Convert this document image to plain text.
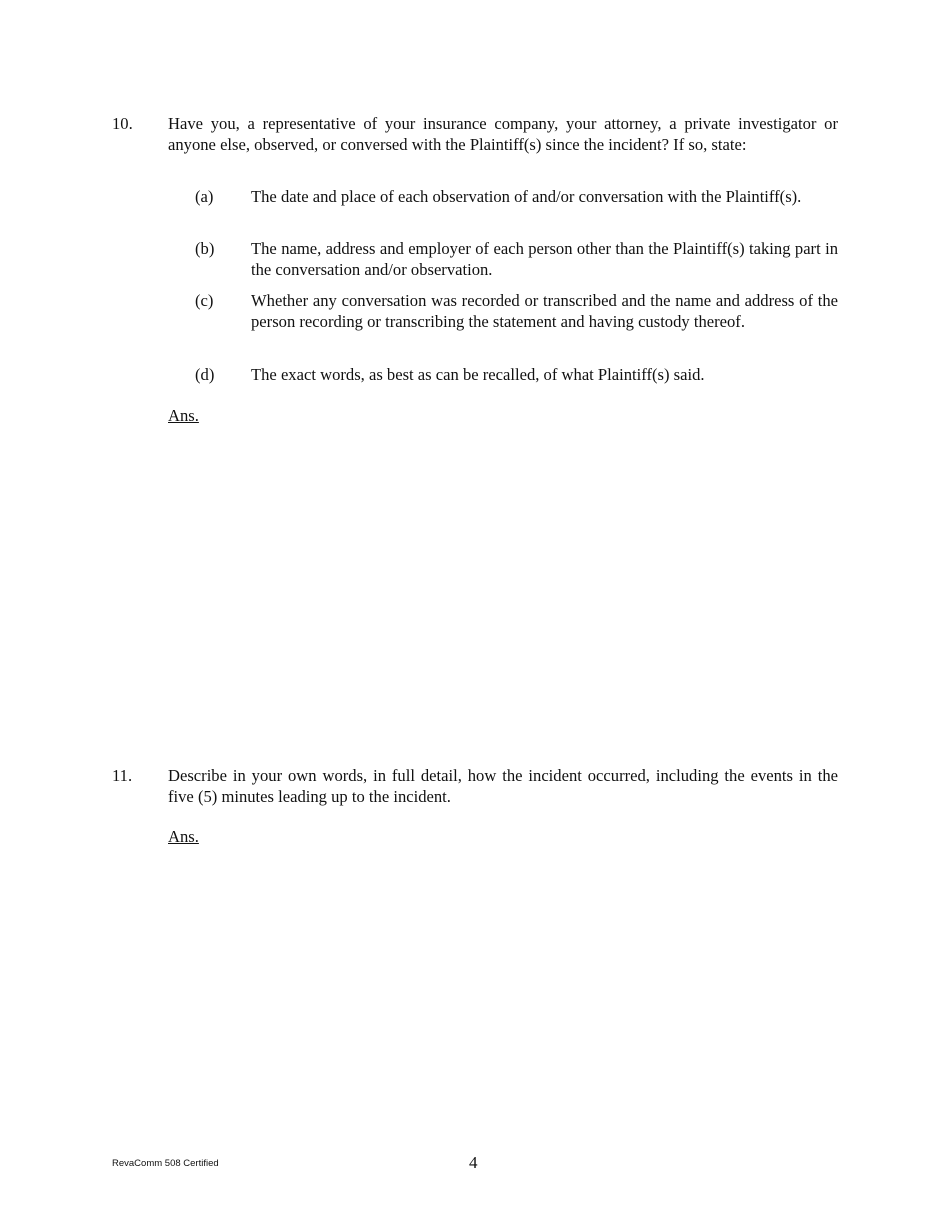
10. Have you, a representative of your insurance company, your attorney, a private investigator or anyone else, observed, or conversed with the Plaintiff(s) since the incident? If so, state:
(a) The date and place of each observation of and/or conversation with the Plaintiff(s).
(b) The name, address and employer of each person other than the Plaintiff(s) taking part in the conversation and/or observation.
(c) Whether any conversation was recorded or transcribed and the name and address of the person recording or transcribing the statement and having custody thereof.
(d) The exact words, as best as can be recalled, of what Plaintiff(s) said.
Ans.
11. Describe in your own words, in full detail, how the incident occurred, including the events in the five (5) minutes leading up to the incident.
Ans.
RevaComm 508 Certified	4
